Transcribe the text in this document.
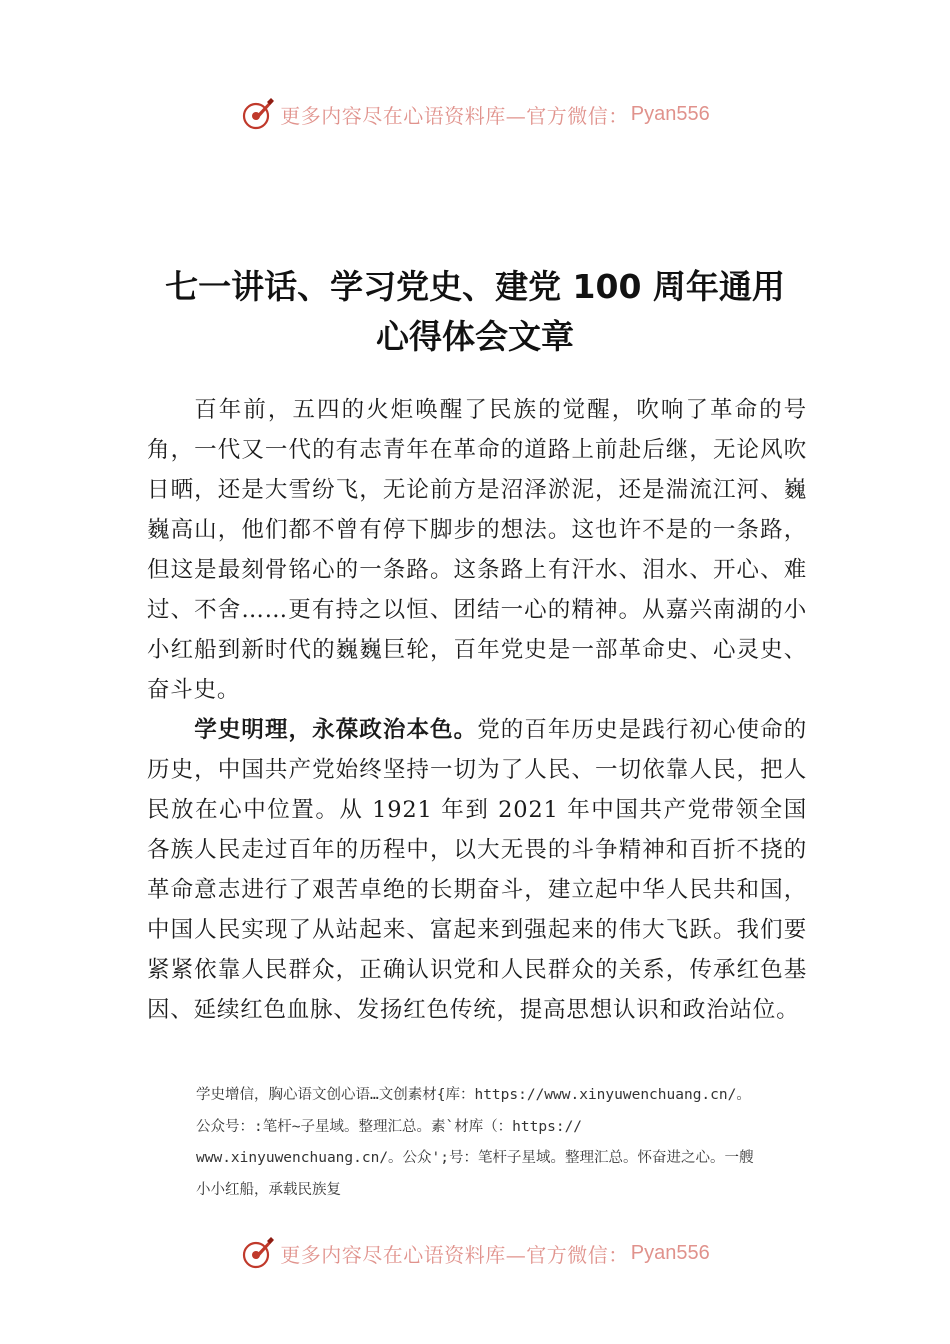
更多内容尽在心语资料库—官方微信： Pyan556
七一讲话、学习党史、建党 100 周年通用
心得体会文章

百年前，五四的火炬唤醒了民族的觉醒，吹响了革命的号角，一代又一代的有志青年在革命的道路上前赴后继，无论风吹日晒，还是大雪纷飞，无论前方是沼泽淤泥，还是湍流江河、巍巍高山，他们都不曾有停下脚步的想法。这也许不是的一条路，但这是最刻骨铭心的一条路。这条路上有汗水、泪水、开心、难过、不舍……更有持之以恒、团结一心的精神。从嘉兴南湖的小小红船到新时代的巍巍巨轮，百年党史是一部革命史、心灵史、奋斗史。

学史明理，永葆政治本色。党的百年历史是践行初心使命的历史，中国共产党始终坚持一切为了人民、一切依靠人民，把人民放在心中位置。从 1921 年到 2021 年中国共产党带领全国各族人民走过百年的历程中，以大无畏的斗争精神和百折不挠的革命意志进行了艰苦卓绝的长期奋斗，建立起中华人民共和国，中国人民实现了从站起来、富起来到强起来的伟大飞跃。我们要紧紧依靠人民群众，正确认识党和人民群众的关系，传承红色基因、延续红色血脉、发扬红色传统，提高思想认识和政治站位。

学史增信，胸心语文创心语…文创素材{库：https://www.xinyuwenchuang.cn/。
公众号：:笔杆~子星域。整理汇总。素`材库（：https://
www.xinyuwenchuang.cn/。公众';号：笔杆子星域。整理汇总。怀奋进之心。一艘
小小红船，承载民族复
更多内容尽在心语资料库—官方微信： Pyan556
